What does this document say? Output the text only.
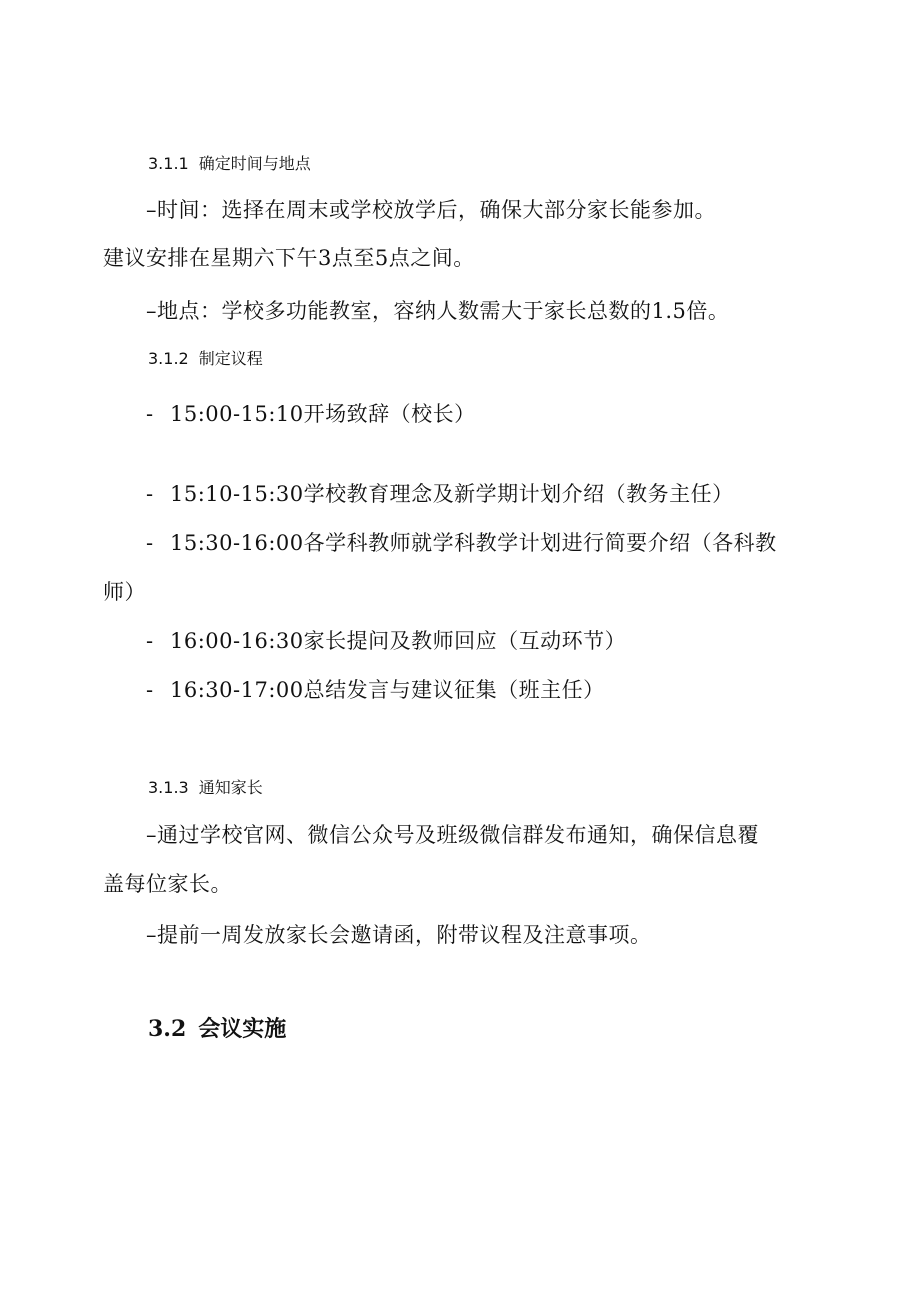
3.1.1 确定时间与地点
–时间：选择在周末或学校放学后，确保大部分家长能参加。
建议安排在星期六下午3点至5点之间。
–地点：学校多功能教室，容纳人数需大于家长总数的1.5倍。
3.1.2 制定议程
- 15:00-15:10开场致辞（校长）
- 15:10-15:30学校教育理念及新学期计划介绍（教务主任）
- 15:30-16:00各学科教师就学科教学计划进行简要介绍（各科教
师）
- 16:00-16:30家长提问及教师回应（互动环节）
- 16:30-17:00总结发言与建议征集（班主任）
3.1.3 通知家长
–通过学校官网、微信公众号及班级微信群发布通知，确保信息覆
盖每位家长。
–提前一周发放家长会邀请函，附带议程及注意事项。
3.2 会议实施
